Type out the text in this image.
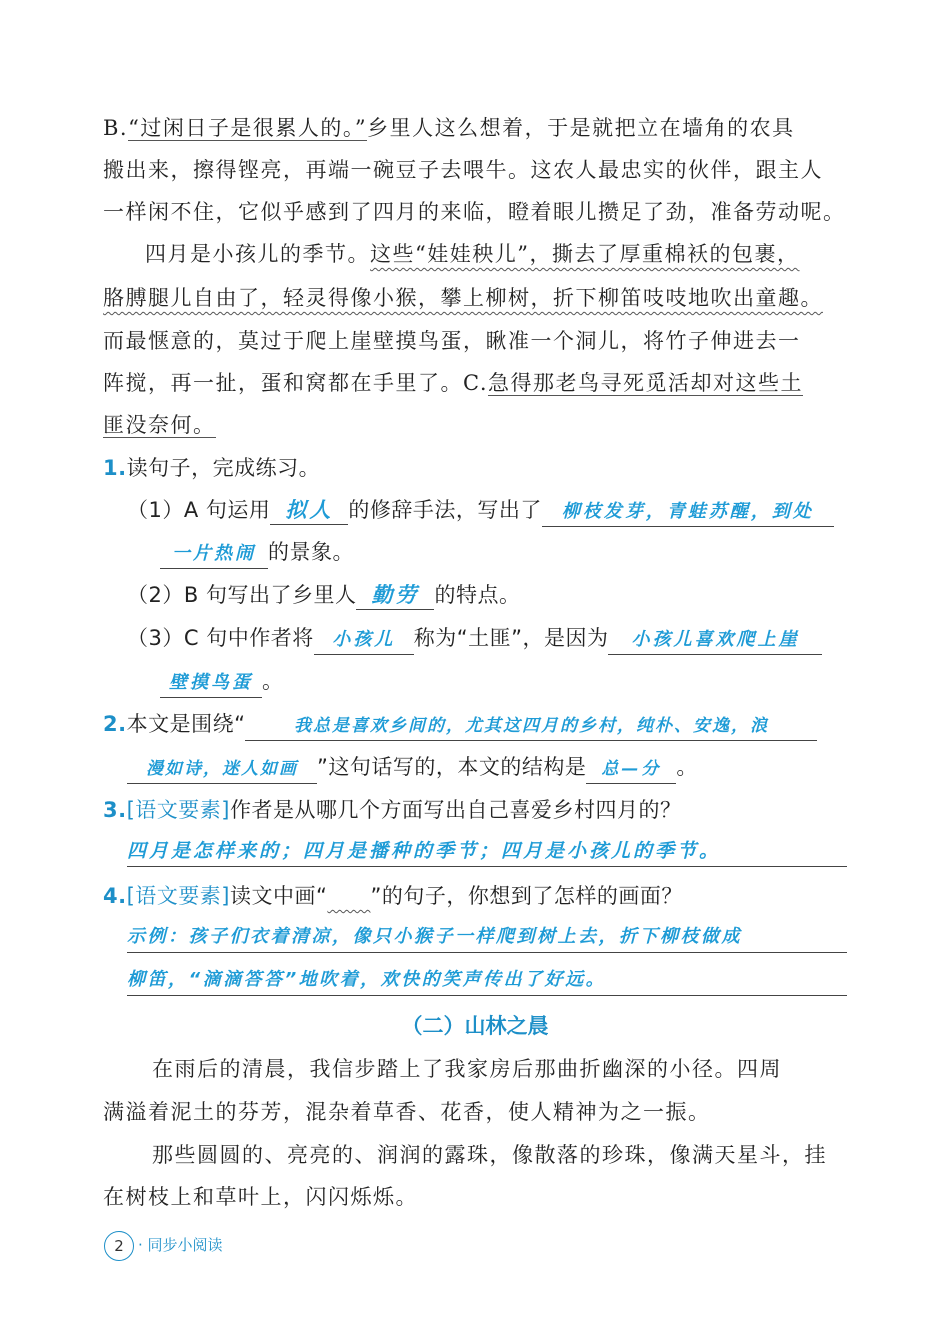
B.“过闲日子是很累人的。”乡里人这么想着，于是就把立在墙角的农具
搬出来，擦得铿亮，再端一碗豆子去喂牛。这农人最忠实的伙伴，跟主人
一样闲不住，它似乎感到了四月的来临，瞪着眼儿攒足了劲，准备劳动呢。
四月是小孩儿的季节。这些“娃娃秧儿”，撕去了厚重棉袄的包裹，
胳膊腿儿自由了，轻灵得像小猴，攀上柳树，折下柳笛吱吱地吹出童趣。
而最惬意的，莫过于爬上崖壁摸鸟蛋，瞅准一个洞儿，将竹子伸进去一
阵搅，再一扯，蛋和窝都在手里了。C.急得那老鸟寻死觅活却对这些土
匪没奈何。
1.读句子，完成练习。
（1）A 句运用 拟人 的修辞手法，写出了 柳枝发芽，青蛙苏醒，到处
一片热闹 的景象。
（2）B 句写出了乡里人 勤劳 的特点。
（3）C 句中作者将 小孩儿 称为“土匪”，是因为 小孩儿喜欢爬上崖
壁摸鸟蛋 。
2.本文是围绕“	我总是喜欢乡间的，尤其这四月的乡村，纯朴、安逸，浪
漫如诗，迷人如画 ”这句话写的，本文的结构是 总—分 。
3.[语文要素]作者是从哪几个方面写出自己喜爱乡村四月的？
四月是怎样来的；四月是播种的季节；四月是小孩儿的季节。
4.[语文要素]读文中画“ ”的句子，你想到了怎样的画面？
示例：孩子们衣着清凉，像只小猴子一样爬到树上去，折下柳枝做成
柳笛，“滴滴答答”地吹着，欢快的笑声传出了好远。
（二）山林之晨
在雨后的清晨，我信步踏上了我家房后那曲折幽深的小径。四周
满溢着泥土的芬芳，混杂着草香、花香，使人精神为之一振。
那些圆圆的、亮亮的、润润的露珠，像散落的珍珠，像满天星斗，挂
在树枝上和草叶上，闪闪烁烁。
2 · 同步小阅读
